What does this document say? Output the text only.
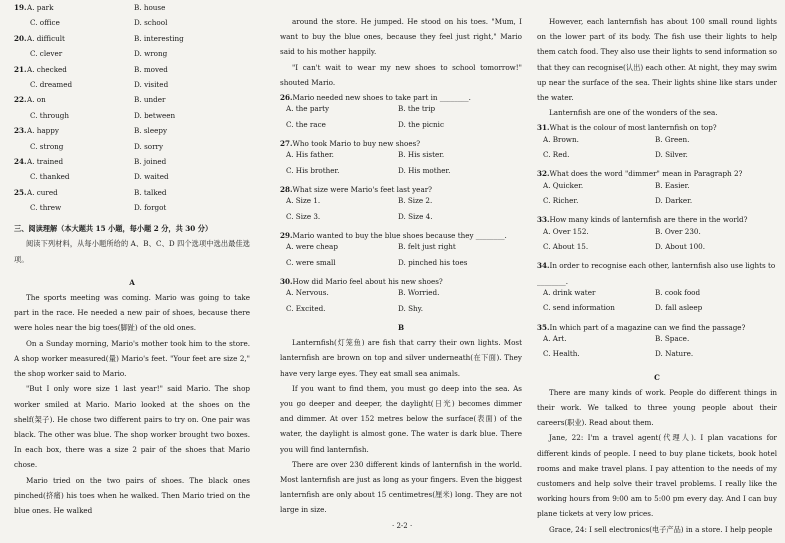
19. A. park	B. house
C. office	D. school
20. A. difficult	B. interesting
C. clever	D. wrong
21. A. checked	B. moved
C. dreamed	D. visited
22. A. on	B. under
C. through	D. between
23. A. happy	B. sleepy
C. strong	D. sorry
24. A. trained	B. joined
C. thanked	D. waited
25. A. cured	B. talked
C. threw	D. forgot
三、阅读理解（本大题共 15 小题，每小题 2 分，共 30 分）

阅读下列材料，从每小题所给的 A、B、C、D 四个选项中选出最佳选项。

A

The sports meeting was coming. Mario was going to take part in the race. He needed a new pair of shoes, because there were holes near the big toes(脚趾) of the old ones.

On a Sunday morning, Mario's mother took him to the store. A shop worker measured(量) Mario's feet. "Your feet are size 2," the shop worker said to Mario.

"But I only wore size 1 last year!" said Mario. The shop worker smiled at Mario. Mario looked at the shoes on the shelf(架子). He chose two different pairs to try on. One pair was black. The other was blue. The shop worker brought two boxes. In each box, there was a size 2 pair of the shoes that Mario chose.

Mario tried on the two pairs of shoes. The black ones pinched(挤痛) his toes when he walked. Then Mario tried on the blue ones. He walked

around the store. He jumped. He stood on his toes. "Mum, I want to buy the blue ones, because they feel just right," Mario said to his mother happily.

"I can't wait to wear my new shoes to school tomorrow!" shouted Mario.

26.Mario needed new shoes to take part in ________.
A. the party	B. the trip
C. the race	D. the picnic
27.Who took Mario to buy new shoes?
A. His father.	B. His sister.
C. His brother.	D. His mother.
28.What size were Mario's feet last year?
A. Size 1.	B. Size 2.
C. Size 3.	D. Size 4.
29.Mario wanted to buy the blue shoes because they ________.
A. were cheap	B. felt just right
C. were small	D. pinched his toes
30.How did Mario feel about his new shoes?
A. Nervous.	B. Worried.
C. Excited.	D. Shy.
B

Lanternfish(灯笼鱼) are fish that carry their own lights. Most lanternfish are brown on top and silver underneath(在下面). They have very large eyes. They eat small sea animals.

If you want to find them, you must go deep into the sea. As you go deeper and deeper, the daylight(日光) becomes dimmer and dimmer. At over 152 metres below the surface(表面) of the water, the daylight is almost gone. The water is dark blue. There you will find lanternfish.

There are over 230 different kinds of lanternfish in the world. Most lanternfish are just as long as your fingers. Even the biggest lanternfish are only about 15 centimetres(厘米) long. They are not large in size.

· 2-2 ·

However, each lanternfish has about 100 small round lights on the lower part of its body. The fish use their lights to help them catch food. They also use their lights to send information so that they can recognise(认出) each other. At night, they may swim up near the surface of the sea. Their lights shine like stars under the water.

Lanternfish are one of the wonders of the sea.

31.What is the colour of most lanternfish on top?
A. Brown.	B. Green.
C. Red.	D. Silver.
32.What does the word "dimmer" mean in Paragraph 2?
A. Quicker.	B. Easier.
C. Richer.	D. Darker.
33.How many kinds of lanternfish are there in the world?
A. Over 152.	B. Over 230.
C. About 15.	D. About 100.
34.In order to recognise each other, lanternfish also use lights to ________.
A. drink water	B. cook food
C. send information	D. fall asleep
35.In which part of a magazine can we find the passage?
A. Art.	B. Space.
C. Health.	D. Nature.
C

There are many kinds of work. People do different things in their work. We talked to three young people about their careers(职业). Read about them.

Jane, 22: I'm a travel agent(代理人). I plan vacations for different kinds of people. I need to buy plane tickets, book hotel rooms and make travel plans. I pay attention to the needs of my customers and help solve their travel problems. I really like the working hours from 9:00 am to 5:00 pm every day. And I can buy plane tickets at very low prices.

Grace, 24: I sell electronics(电子产品) in a store. I help people
